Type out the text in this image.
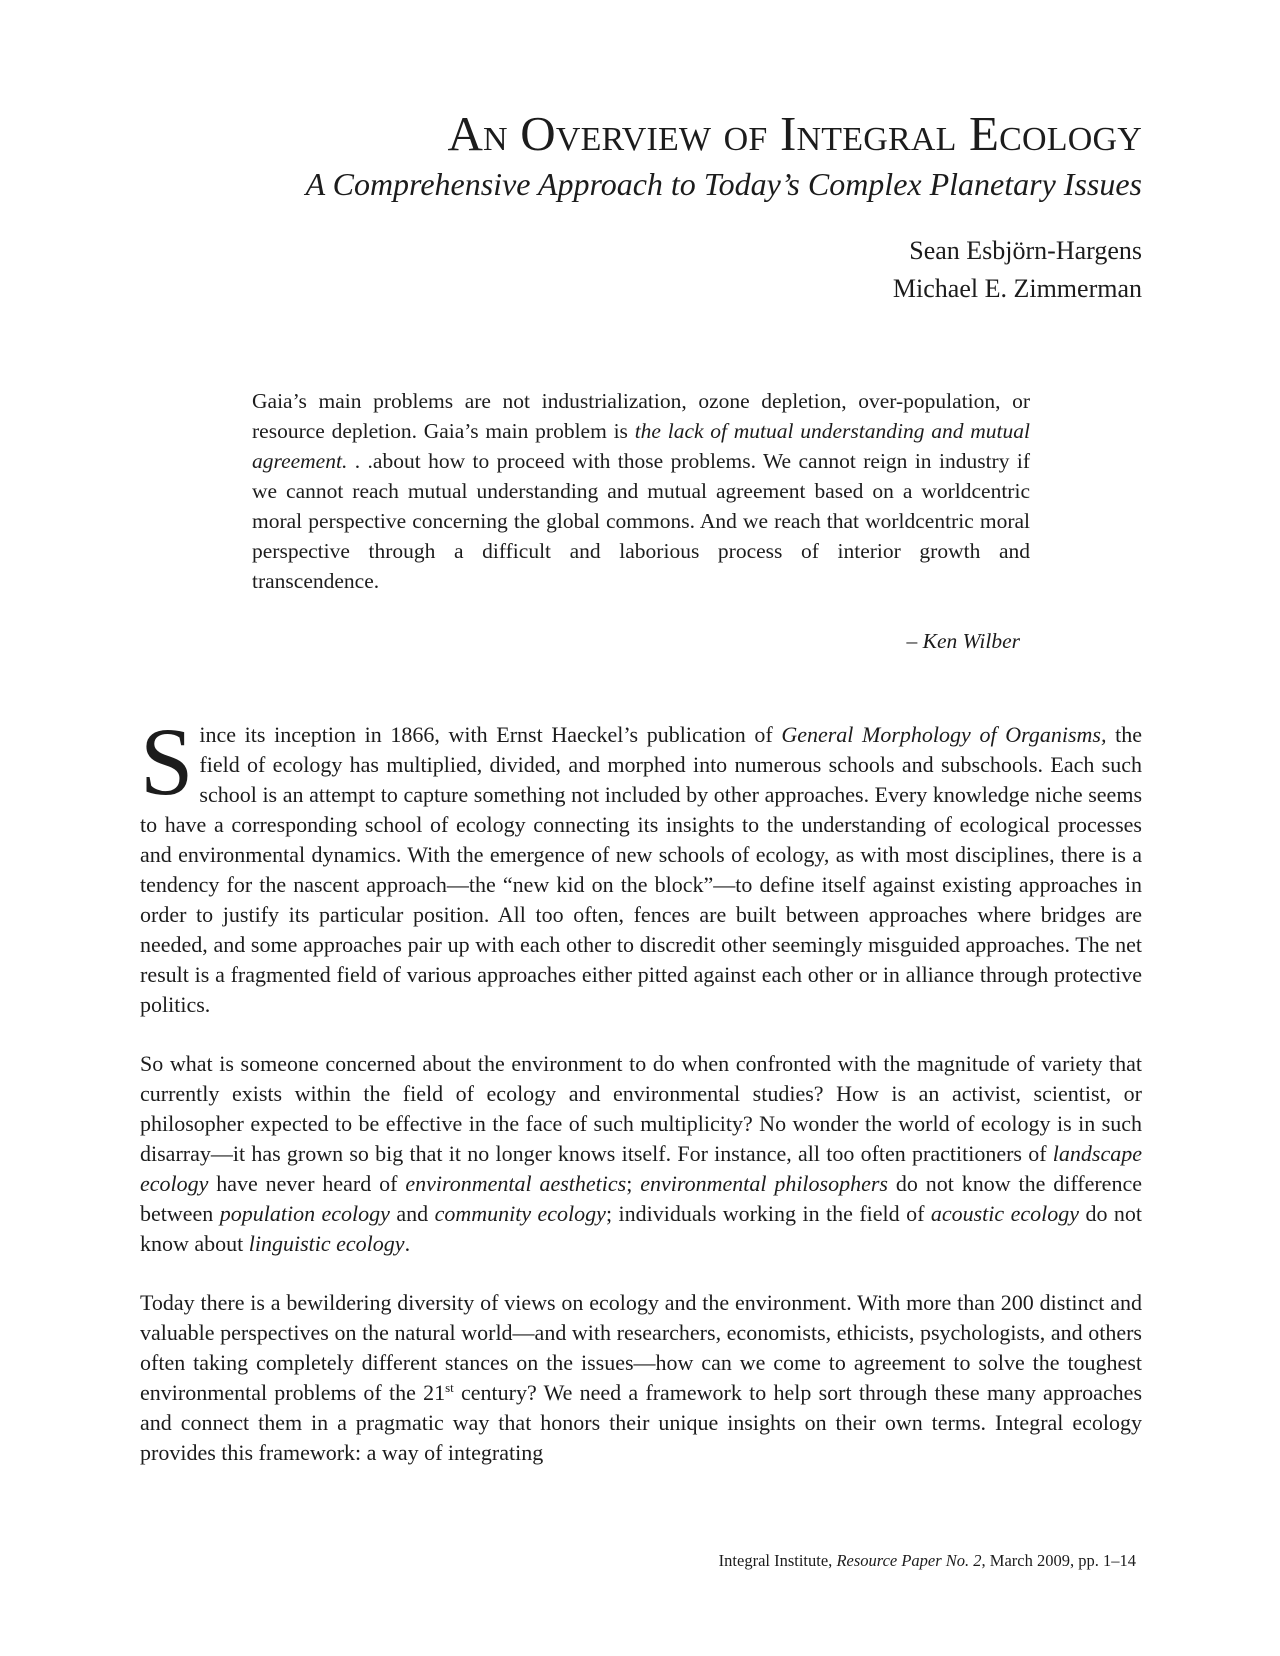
An Overview of Integral Ecology
A Comprehensive Approach to Today’s Complex Planetary Issues
Sean Esbjörn-Hargens
Michael E. Zimmerman

Gaia’s main problems are not industrialization, ozone depletion, over-population, or resource depletion. Gaia’s main problem is the lack of mutual understanding and mutual agreement. . .about how to proceed with those problems. We cannot reign in industry if we cannot reach mutual understanding and mutual agreement based on a worldcentric moral perspective concerning the global commons. And we reach that worldcentric moral perspective through a difficult and laborious process of interior growth and transcendence.

– Ken Wilber

Since its inception in 1866, with Ernst Haeckel’s publication of General Morphology of Organisms, the field of ecology has multiplied, divided, and morphed into numerous schools and subschools. Each such school is an attempt to capture something not included by other approaches. Every knowledge niche seems to have a corresponding school of ecology connecting its insights to the understanding of ecological processes and environmental dynamics. With the emergence of new schools of ecology, as with most disciplines, there is a tendency for the nascent approach—the “new kid on the block”—to define itself against existing approaches in order to justify its particular position. All too often, fences are built between approaches where bridges are needed, and some approaches pair up with each other to discredit other seemingly misguided approaches. The net result is a fragmented field of various approaches either pitted against each other or in alliance through protective politics.

So what is someone concerned about the environment to do when confronted with the magnitude of variety that currently exists within the field of ecology and environmental studies? How is an activist, scientist, or philosopher expected to be effective in the face of such multiplicity? No wonder the world of ecology is in such disarray—it has grown so big that it no longer knows itself. For instance, all too often practitioners of landscape ecology have never heard of environmental aesthetics; environmental philosophers do not know the difference between population ecology and community ecology; individuals working in the field of acoustic ecology do not know about linguistic ecology.

Today there is a bewildering diversity of views on ecology and the environment. With more than 200 distinct and valuable perspectives on the natural world—and with researchers, economists, ethicists, psychologists, and others often taking completely different stances on the issues—how can we come to agreement to solve the toughest environmental problems of the 21st century? We need a framework to help sort through these many approaches and connect them in a pragmatic way that honors their unique insights on their own terms. Integral ecology provides this framework: a way of integrating

Integral Institute, Resource Paper No. 2, March 2009, pp. 1–14
